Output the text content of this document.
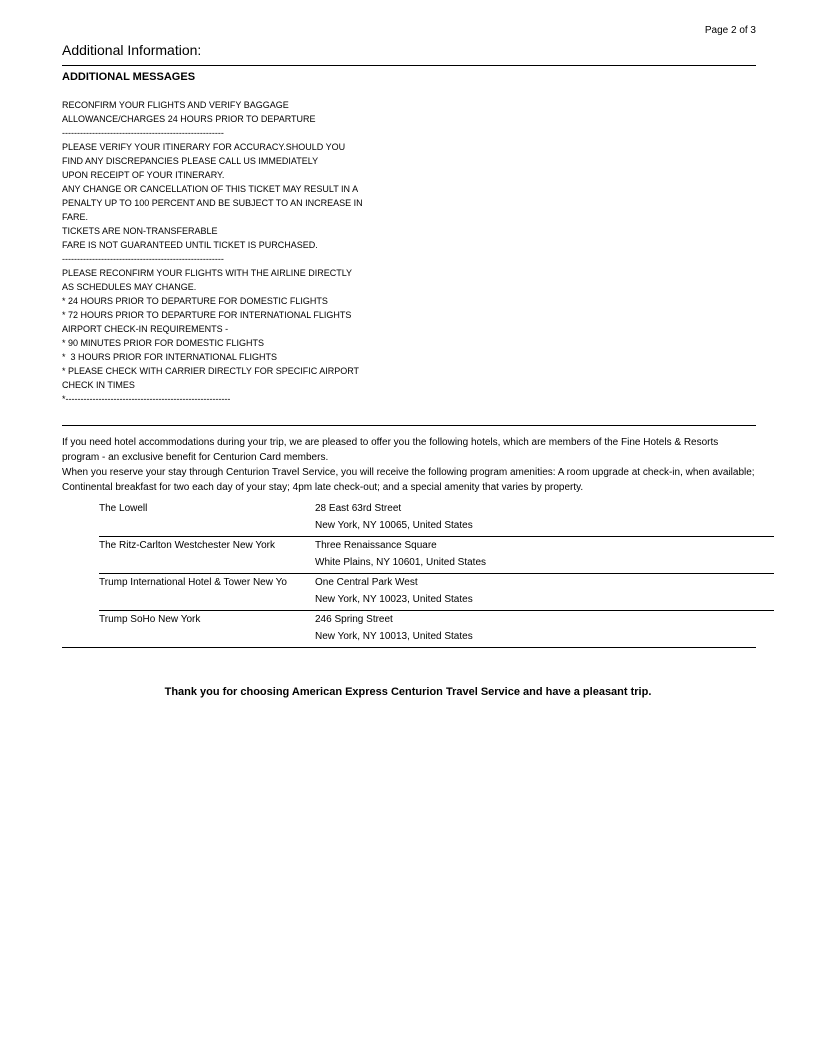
Page 2 of 3
Additional Information:
ADDITIONAL MESSAGES
RECONFIRM YOUR FLIGHTS AND VERIFY BAGGAGE
ALLOWANCE/CHARGES 24 HOURS PRIOR TO DEPARTURE
------------------------------------------------------
PLEASE VERIFY YOUR ITINERARY FOR ACCURACY.SHOULD YOU
FIND ANY DISCREPANCIES PLEASE CALL US IMMEDIATELY
UPON RECEIPT OF YOUR ITINERARY.
ANY CHANGE OR CANCELLATION OF THIS TICKET MAY RESULT IN A
PENALTY UP TO 100 PERCENT AND BE SUBJECT TO AN INCREASE IN
FARE.
TICKETS ARE NON-TRANSFERABLE
FARE IS NOT GUARANTEED UNTIL TICKET IS PURCHASED.
------------------------------------------------------
PLEASE RECONFIRM YOUR FLIGHTS WITH THE AIRLINE DIRECTLY
AS SCHEDULES MAY CHANGE.
* 24 HOURS PRIOR TO DEPARTURE FOR DOMESTIC FLIGHTS
* 72 HOURS PRIOR TO DEPARTURE FOR INTERNATIONAL FLIGHTS
AIRPORT CHECK-IN REQUIREMENTS -
* 90 MINUTES PRIOR FOR DOMESTIC FLIGHTS
*  3 HOURS PRIOR FOR INTERNATIONAL FLIGHTS
* PLEASE CHECK WITH CARRIER DIRECTLY FOR SPECIFIC AIRPORT
CHECK IN TIMES
*-------------------------------------------------------
If you need hotel accommodations during your trip, we are pleased to offer you the following hotels, which are members of the Fine Hotels & Resorts program - an exclusive benefit for Centurion Card members.
When you reserve your stay through Centurion Travel Service, you will receive the following program amenities: A room upgrade at check-in, when available; Continental breakfast for two each day of your stay; 4pm late check-out; and a special amenity that varies by property.
The Lowell	28 East 63rd Street
New York, NY 10065, United States
The Ritz-Carlton Westchester New York	Three Renaissance Square
White Plains, NY 10601, United States
Trump International Hotel & Tower New Yo	One Central Park West
New York, NY 10023, United States
Trump SoHo New York	246 Spring Street
New York, NY 10013, United States
Thank you for choosing American Express Centurion Travel Service and have a pleasant trip.
